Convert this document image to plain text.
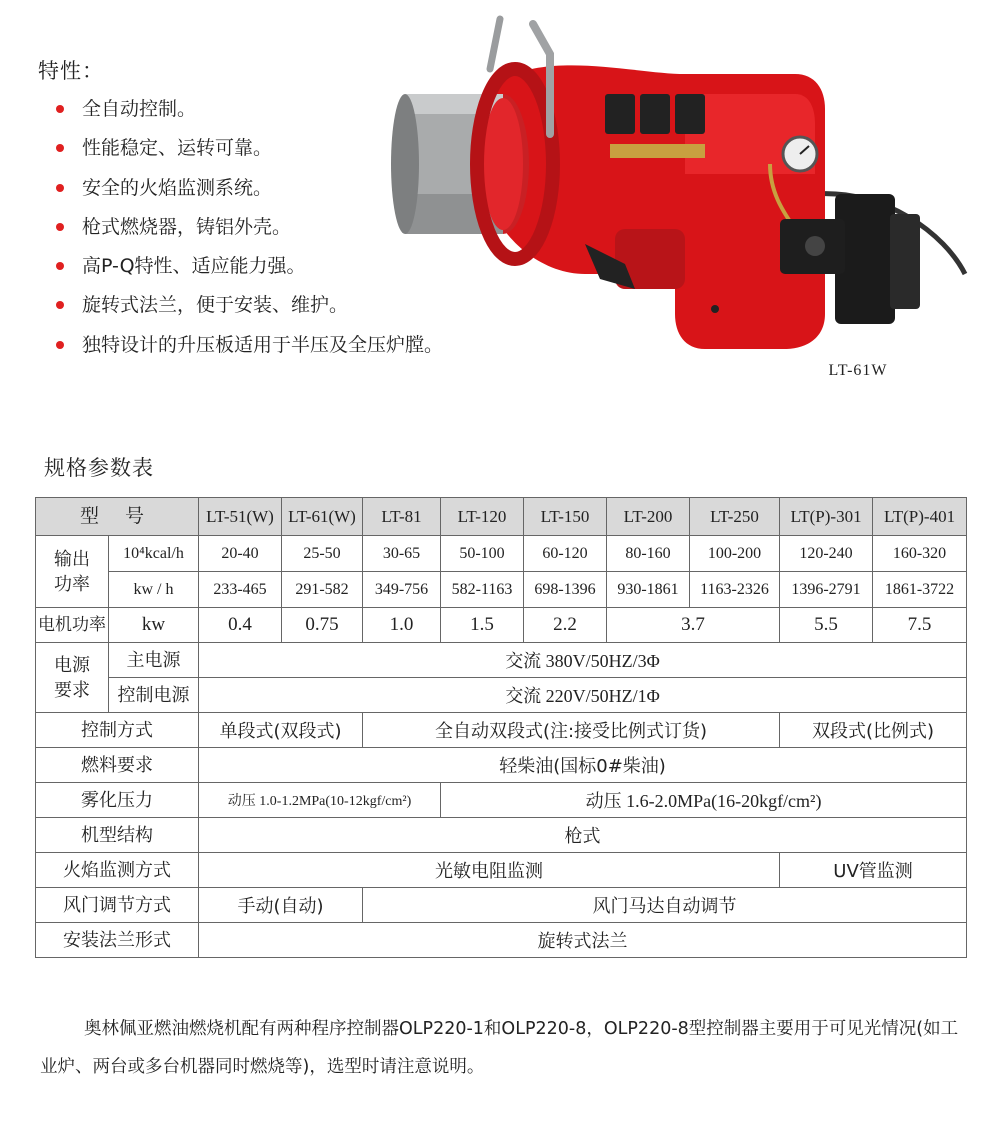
特性：
全自动控制。
性能稳定、运转可靠。
安全的火焰监测系统。
枪式燃烧器，铸铝外壳。
高P-Q特性、适应能力强。
旋转式法兰，便于安装、维护。
独特设计的升压板适用于半压及全压炉膛。
LT-61W
规格参数表
型 号		LT-51(W)	LT-61(W)	LT-81	LT-120	LT-150	LT-200	LT-250	LT(P)-301	LT(P)-401
输出
功率	10⁴kcal/h	20-40	25-50	30-65	50-100	60-120	80-160	100-200	120-240	160-320
	kw / h	233-465	291-582	349-756	582-1163	698-1396	930-1861	1163-2326	1396-2791	1861-3722
电机功率	kw	0.4	0.75	1.0	1.5	2.2	3.7		5.5	7.5
电源
要求	主电源	交流 380V/50HZ/3Φ								
	控制电源	交流 220V/50HZ/1Φ								
控制方式		单段式(双段式)		全自动双段式(注:接受比例式订货)					双段式(比例式)	
燃料要求		轻柴油(国标0#柴油)								
雾化压力		动压 1.0-1.2MPa(10-12kgf/cm²)			动压 1.6-2.0MPa(16-20kgf/cm²)					
机型结构		枪式								
火焰监测方式		光敏电阻监测							UV管监测	
风门调节方式		手动(自动)		风门马达自动调节						
安装法兰形式		旋转式法兰								
奥林佩亚燃油燃烧机配有两种程序控制器OLP220-1和OLP220-8，OLP220-8型控制器主要用于可见光情况(如工业炉、两台或多台机器同时燃烧等)，选型时请注意说明。
